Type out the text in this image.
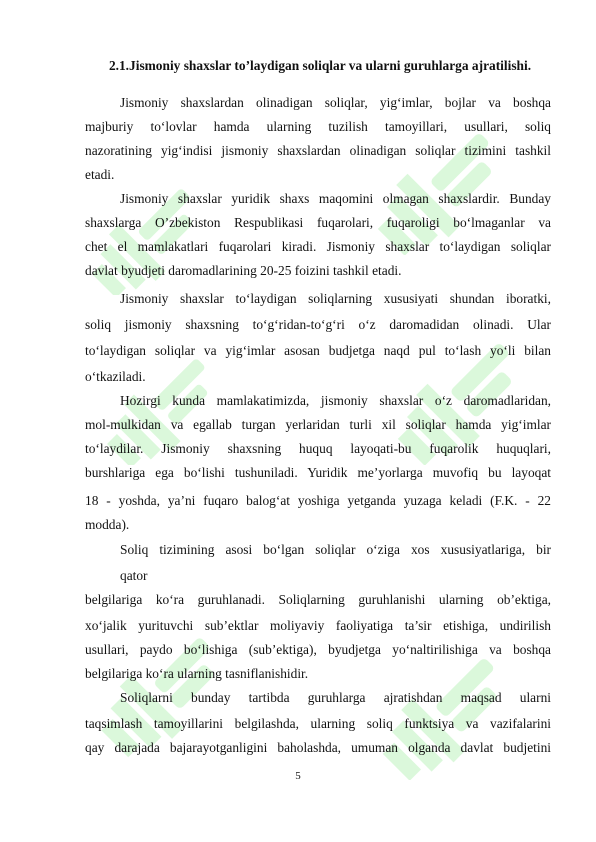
2.1.Jismoniy shaxslar to’laydigan soliqlar va ularni guruhlarga ajratilishi.
Jismoniy shaxslardan olinadigan soliqlar, yig‘imlar, bojlar va boshqa
majburiy to‘lovlar hamda ularning tuzilish tamoyillari, usullari, soliq
nazoratining yig‘indisi jismoniy shaxslardan olinadigan soliqlar tizimini tashkil
etadi.
Jismoniy shaxslar yuridik shaxs maqomini olmagan shaxslardir. Bunday
shaxslarga O’zbekiston Respublikasi fuqarolari, fuqaroligi bo‘lmaganlar va
chet el mamlakatlari fuqarolari kiradi. Jismoniy shaxslar to‘laydigan soliqlar
davlat byudjeti daromadlarining 20-25 foizini tashkil etadi.
Jismoniy shaxslar to‘laydigan soliqlarning xususiyati shundan iboratki,
soliq jismoniy shaxsning to‘g‘ridan-to‘g‘ri o‘z daromadidan olinadi. Ular
to‘laydigan soliqlar va yig‘imlar asosan budjetga naqd pul to‘lash yo‘li bilan
o‘tkaziladi.
Hozirgi kunda mamlakatimizda, jismoniy shaxslar o‘z daromadlaridan,
mol-mulkidan va egallab turgan yerlaridan turli xil soliqlar hamda yig‘imlar
to‘laydilar. Jismoniy shaxsning huquq layoqati-bu fuqarolik huquqlari,
burshlariga ega bo‘lishi tushuniladi. Yuridik me’yorlarga muvofiq bu layoqat
18 - yoshda, ya’ni fuqaro balog‘at yoshiga yetganda yuzaga keladi (F.K. - 22
modda).
Soliq tizimining asosi bo‘lgan soliqlar o‘ziga xos xususiyatlariga, bir
qator
belgilariga ko‘ra guruhlanadi. Soliqlarning guruhlanishi ularning ob’ektiga,
xo‘jalik yurituvchi sub’ektlar moliyaviy faoliyatiga ta’sir etishiga, undirilish
usullari, paydo bo‘lishiga (sub’ektiga), byudjetga yo‘naltirilishiga va boshqa
belgilariga ko‘ra ularning tasniflanishidir.
Soliqlarni bunday tartibda guruhlarga ajratishdan maqsad ularni
taqsimlash tamoyillarini belgilashda, ularning soliq funktsiya va vazifalarini
qay darajada bajarayotganligini baholashda, umuman olganda davlat budjetini
5
